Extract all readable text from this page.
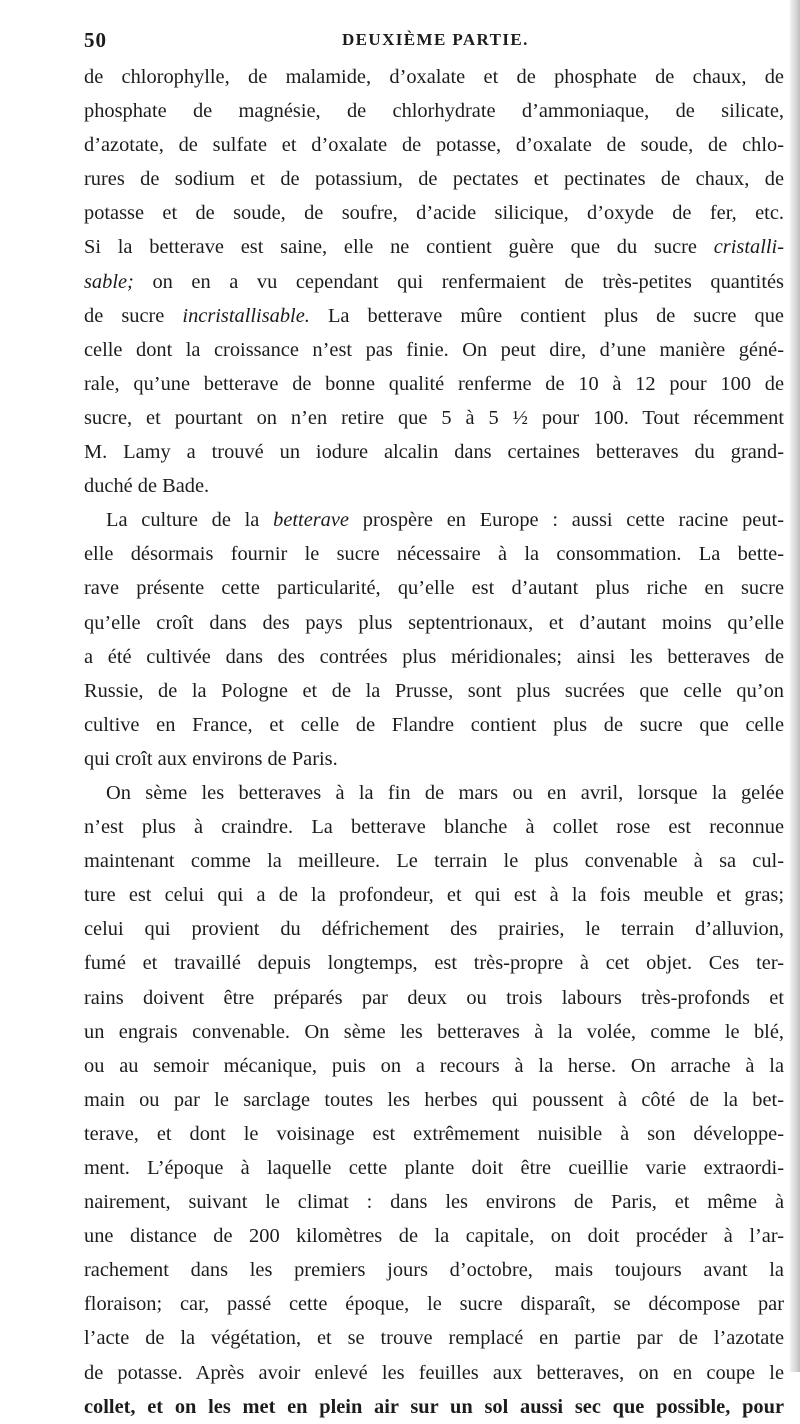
50	DEUXIÈME PARTIE.
de chlorophylle, de malamide, d’oxalate et de phosphate de chaux, de
phosphate de magnésie, de chlorhydrate d’ammoniaque, de silicate,
d’azotate, de sulfate et d’oxalate de potasse, d’oxalate de soude, de chlo-
rures de sodium et de potassium, de pectates et pectinates de chaux, de
potasse et de soude, de soufre, d’acide silicique, d’oxyde de fer, etc.
Si la betterave est saine, elle ne contient guère que du sucre cristalli-
sable; on en a vu cependant qui renfermaient de très-petites quantités
de sucre incristallisable. La betterave mûre contient plus de sucre que
celle dont la croissance n’est pas finie. On peut dire, d’une manière géné-
rale, qu’une betterave de bonne qualité renferme de 10 à 12 pour 100 de
sucre, et pourtant on n’en retire que 5 à 5 ½ pour 100. Tout récemment
M. Lamy a trouvé un iodure alcalin dans certaines betteraves du grand-
duché de Bade.
La culture de la betterave prospère en Europe : aussi cette racine peut-
elle désormais fournir le sucre nécessaire à la consommation. La bette-
rave présente cette particularité, qu’elle est d’autant plus riche en sucre
qu’elle croît dans des pays plus septentrionaux, et d’autant moins qu’elle
a été cultivée dans des contrées plus méridionales; ainsi les betteraves de
Russie, de la Pologne et de la Prusse, sont plus sucrées que celle qu’on
cultive en France, et celle de Flandre contient plus de sucre que celle
qui croît aux environs de Paris.
On sème les betteraves à la fin de mars ou en avril, lorsque la gelée
n’est plus à craindre. La betterave blanche à collet rose est reconnue
maintenant comme la meilleure. Le terrain le plus convenable à sa cul-
ture est celui qui a de la profondeur, et qui est à la fois meuble et gras;
celui qui provient du défrichement des prairies, le terrain d’alluvion,
fumé et travaillé depuis longtemps, est très-propre à cet objet. Ces ter-
rains doivent être préparés par deux ou trois labours très-profonds et
un engrais convenable. On sème les betteraves à la volée, comme le blé,
ou au semoir mécanique, puis on a recours à la herse. On arrache à la
main ou par le sarclage toutes les herbes qui poussent à côté de la bet-
terave, et dont le voisinage est extrêmement nuisible à son développe-
ment. L’époque à laquelle cette plante doit être cueillie varie extraordi-
nairement, suivant le climat : dans les environs de Paris, et même à
une distance de 200 kilomètres de la capitale, on doit procéder à l’ar-
rachement dans les premiers jours d’octobre, mais toujours avant la
floraison; car, passé cette époque, le sucre disparaît, se décompose par
l’acte de la végétation, et se trouve remplacé en partie par de l’azotate
de potasse. Après avoir enlevé les feuilles aux betteraves, on en coupe le
collet, et on les met en plein air sur un sol aussi sec que possible, pour
